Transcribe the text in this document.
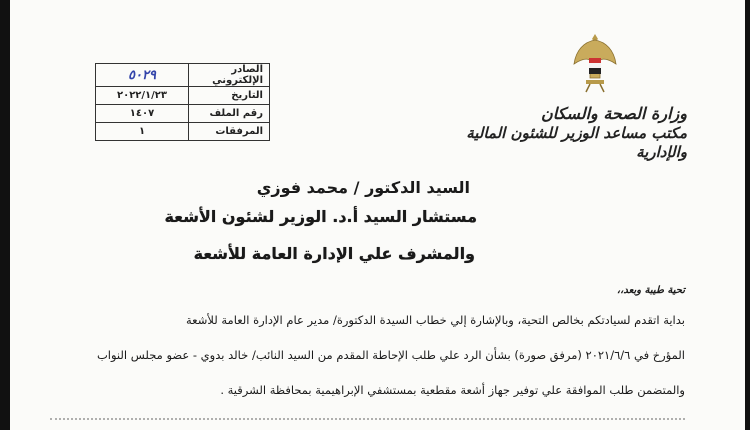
وزارة الصحة والسكان
مكتب مساعد الوزير للشئون المالية والإدارية
الصادر الإلكتروني	٥٠٢٩
التاريخ	٢٠٢٢/١/٢٣
رقم الملف	١٤٠٧
المرفقات	١
السيد الدكتور / محمد فوزي
مستشار السيد أ.د. الوزير لشئون الأشعة
والمشرف علي الإدارة العامة للأشعة
تحية طيبة وبعد،،
بداية اتقدم لسيادتكم بخالص التحية، وبالإشارة إلي خطاب السيدة الدكتورة/ مدير عام الإدارة العامة للأشعة
المؤرخ في ٢٠٢١/٦/٦ (مرفق صورة) بشأن الرد علي طلب الإحاطة المقدم من السيد النائب/ خالد بدوي - عضو مجلس النواب
والمتضمن طلب الموافقة علي توفير جهاز أشعة مقطعية بمستشفي الإبراهيمية بمحافظة الشرقية .
